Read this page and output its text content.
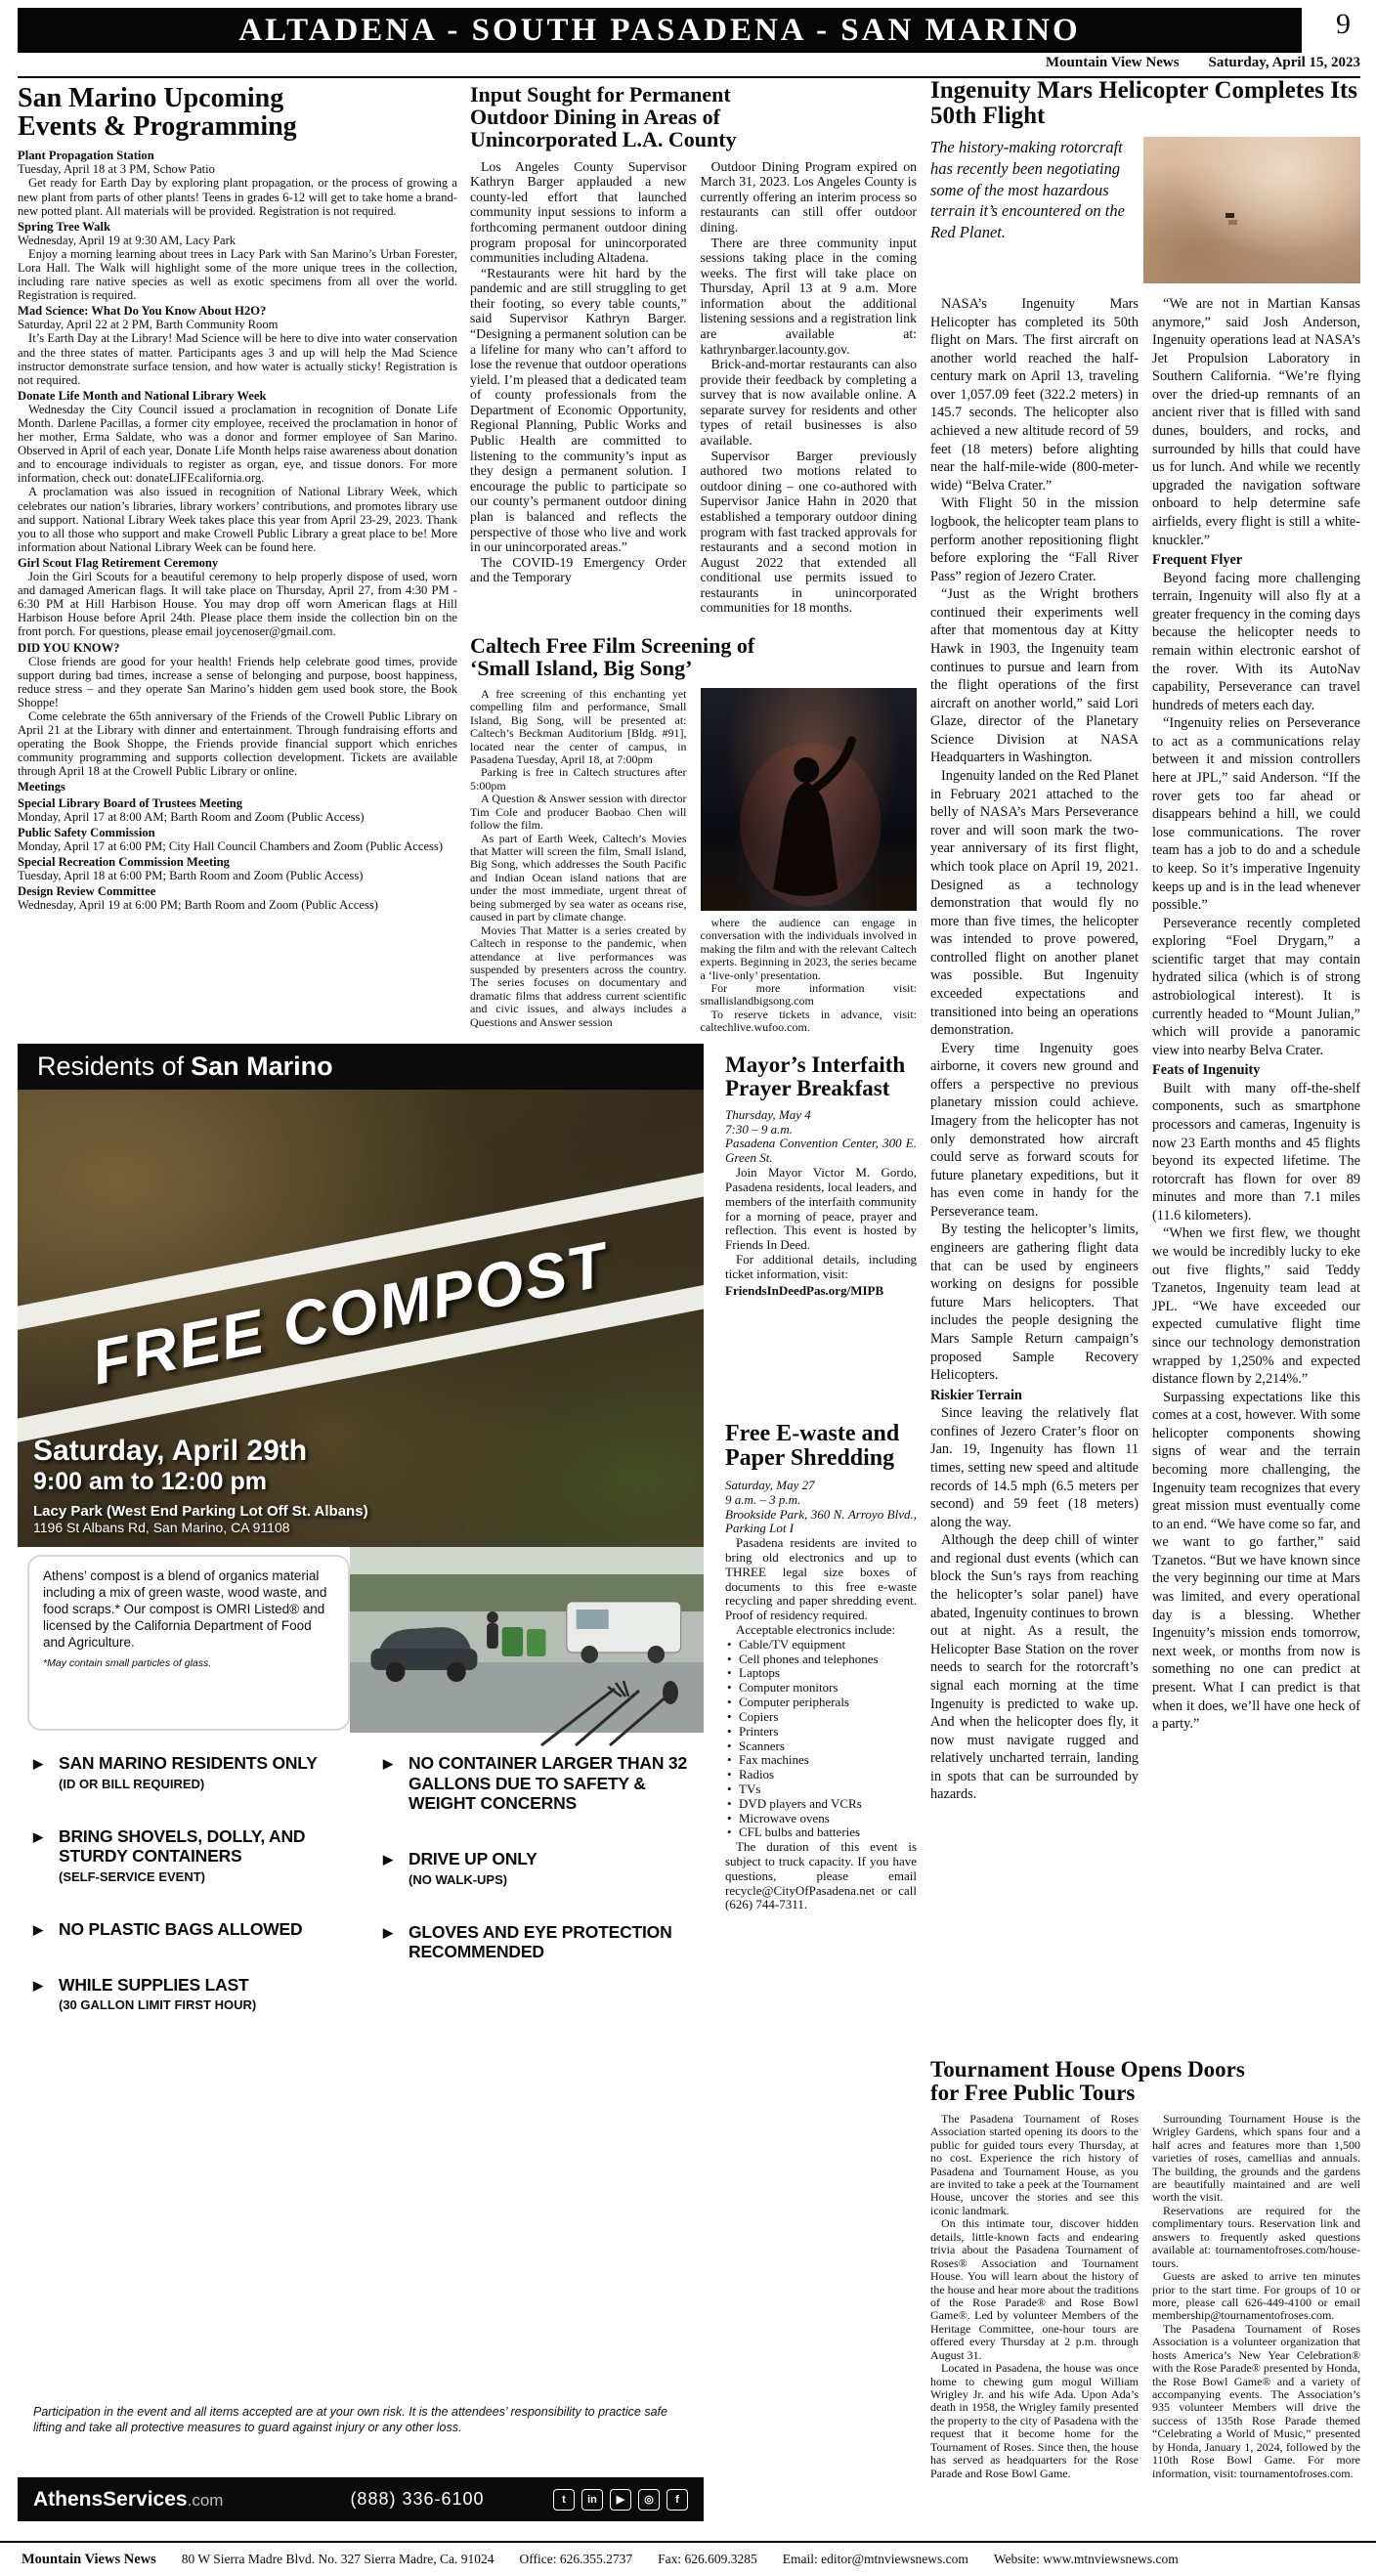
ALTADENA - SOUTH PASADENA - SAN MARINO	9
Mountain View News Saturday, April 15, 2023
San Marino Upcoming Events & Programming
Plant Propagation Station
Tuesday, April 18 at 3 PM, Schow Patio
Get ready for Earth Day by exploring plant propagation, or the process of growing a new plant from parts of other plants! Teens in grades 6-12 will get to take home a brand-new potted plant. All materials will be provided. Registration is not required.
Spring Tree Walk
Wednesday, April 19 at 9:30 AM, Lacy Park
Enjoy a morning learning about trees in Lacy Park with San Marino’s Urban Forester, Lora Hall. The Walk will highlight some of the more unique trees in the collection, including rare native species as well as exotic specimens from all over the world. Registration is required.
Mad Science: What Do You Know About H2O?
Saturday, April 22 at 2 PM, Barth Community Room
It’s Earth Day at the Library! Mad Science will be here to dive into water conservation and the three states of matter. Participants ages 3 and up will help the Mad Science instructor demonstrate surface tension, and how water is actually sticky! Registration is not required.
Donate Life Month and National Library Week
Wednesday the City Council issued a proclamation in recognition of Donate Life Month. Darlene Pacillas, a former city employee, received the proclamation in honor of her mother, Erma Saldate, who was a donor and former employee of San Marino. Observed in April of each year, Donate Life Month helps raise awareness about donation and to encourage individuals to register as organ, eye, and tissue donors. For more information, check out: donateLIFEcalifornia.org.
A proclamation was also issued in recognition of National Library Week, which celebrates our nation’s libraries, library workers’ contributions, and promotes library use and support. National Library Week takes place this year from April 23-29, 2023. Thank you to all those who support and make Crowell Public Library a great place to be! More information about National Library Week can be found here.
Girl Scout Flag Retirement Ceremony
Join the Girl Scouts for a beautiful ceremony to help properly dispose of used, worn and damaged American flags. It will take place on Thursday, April 27, from 4:30 PM - 6:30 PM at Hill Harbison House. You may drop off worn American flags at Hill Harbison House before April 24th. Please place them inside the collection bin on the front porch. For questions, please email joycenoser@gmail.com.
DID YOU KNOW?
Close friends are good for your health! Friends help celebrate good times, provide support during bad times, increase a sense of belonging and purpose, boost happiness, reduce stress – and they operate San Marino’s hidden gem used book store, the Book Shoppe!
Come celebrate the 65th anniversary of the Friends of the Crowell Public Library on April 21 at the Library with dinner and entertainment. Through fundraising efforts and operating the Book Shoppe, the Friends provide financial support which enriches community programming and supports collection development. Tickets are available through April 18 at the Crowell Public Library or online.
Meetings
Special Library Board of Trustees Meeting
Monday, April 17 at 8:00 AM; Barth Room and Zoom (Public Access)
Public Safety Commission
Monday, April 17 at 6:00 PM; City Hall Council Chambers and Zoom (Public Access)
Special Recreation Commission Meeting
Tuesday, April 18 at 6:00 PM; Barth Room and Zoom (Public Access)
Design Review Committee
Wednesday, April 19 at 6:00 PM; Barth Room and Zoom (Public Access)
Input Sought for Permanent Outdoor Dining in Areas of Unincorporated L.A. County
Los Angeles County Supervisor Kathryn Barger applauded a new county-led effort that launched community input sessions to inform a forthcoming permanent outdoor dining program proposal for unincorporated communities including Altadena.
“Restaurants were hit hard by the pandemic and are still struggling to get their footing, so every table counts,” said Supervisor Kathryn Barger. “Designing a permanent solution can be a lifeline for many who can’t afford to lose the revenue that outdoor operations yield. I’m pleased that a dedicated team of county professionals from the Department of Economic Opportunity, Regional Planning, Public Works and Public Health are committed to listening to the community’s input as they design a permanent solution. I encourage the public to participate so our county’s permanent outdoor dining plan is balanced and reflects the perspective of those who live and work in our unincorporated areas.”
The COVID-19 Emergency Order and the Temporary
Outdoor Dining Program expired on March 31, 2023. Los Angeles County is currently offering an interim process so restaurants can still offer outdoor dining.
There are three community input sessions taking place in the coming weeks. The first will take place on Thursday, April 13 at 9 a.m. More information about the additional listening sessions and a registration link are available at: kathrynbarger.lacounty.gov.
Brick-and-mortar restaurants can also provide their feedback by completing a survey that is now available online. A separate survey for residents and other types of retail businesses is also available.
Supervisor Barger previously authored two motions related to outdoor dining – one co-authored with Supervisor Janice Hahn in 2020 that established a temporary outdoor dining program with fast tracked approvals for restaurants and a second motion in August 2022 that extended all conditional use permits issued to restaurants in unincorporated communities for 18 months.
Caltech Free Film Screening of ‘Small Island, Big Song’
A free screening of this enchanting yet compelling film and performance, Small Island, Big Song, will be presented at: Caltech’s Beckman Auditorium [Bldg. #91], located near the center of campus, in Pasadena Tuesday, April 18, at 7:00pm
Parking is free in Caltech structures after 5:00pm
A Question & Answer session with director Tim Cole and producer Baobao Chen will follow the film.
As part of Earth Week, Caltech’s Movies that Matter will screen the film, Small Island, Big Song, which addresses the South Pacific and Indian Ocean island nations that are under the most immediate, urgent threat of being submerged by sea water as oceans rise, caused in part by climate change.
Movies That Matter is a series created by Caltech in response to the pandemic, when attendance at live performances was suspended by presenters across the country. The series focuses on documentary and dramatic films that address current scientific and civic issues, and always includes a Questions and Answer session
where the audience can engage in conversation with the individuals involved in making the film and with the relevant Caltech experts. Beginning in 2023, the series became a ‘live-only’ presentation.
For more information visit: smallislandbigsong.com
To reserve tickets in advance, visit: caltechlive.wufoo.com.
Mayor’s Interfaith Prayer Breakfast
Thursday, May 4
7:30 – 9 a.m.
Pasadena Convention Center, 300 E. Green St.
Join Mayor Victor M. Gordo, Pasadena residents, local leaders, and members of the interfaith community for a morning of peace, prayer and reflection. This event is hosted by Friends In Deed.
For additional details, including ticket information, visit:
FriendsInDeedPas.org/MIPB
Free E-waste and Paper Shredding
Saturday, May 27
9 a.m. – 3 p.m.
Brookside Park, 360 N. Arroyo Blvd., Parking Lot I
Pasadena residents are invited to bring old electronics and up to THREE legal size boxes of documents to this free e-waste recycling and paper shredding event. Proof of residency required.
Acceptable electronics include:
• Cable/TV equipment
• Cell phones and telephones
• Laptops
• Computer monitors
• Computer peripherals
• Copiers
• Printers
• Scanners
• Fax machines
• Radios
• TVs
• DVD players and VCRs
• Microwave ovens
• CFL bulbs and batteries
The duration of this event is subject to truck capacity. If you have questions, please email recycle@CityOfPasadena.net or call (626) 744-7311.
Ingenuity Mars Helicopter Completes Its 50th Flight
The history-making rotorcraft has recently been negotiating some of the most hazardous terrain it’s encountered on the Red Planet.
NASA’s Ingenuity Mars Helicopter has completed its 50th flight on Mars. The first aircraft on another world reached the half-century mark on April 13, traveling over 1,057.09 feet (322.2 meters) in 145.7 seconds. The helicopter also achieved a new altitude record of 59 feet (18 meters) before alighting near the half-mile-wide (800-meter-wide) “Belva Crater.”
With Flight 50 in the mission logbook, the helicopter team plans to perform another repositioning flight before exploring the “Fall River Pass” region of Jezero Crater.
“Just as the Wright brothers continued their experiments well after that momentous day at Kitty Hawk in 1903, the Ingenuity team continues to pursue and learn from the flight operations of the first aircraft on another world,” said Lori Glaze, director of the Planetary Science Division at NASA Headquarters in Washington.
Ingenuity landed on the Red Planet in February 2021 attached to the belly of NASA’s Mars Perseverance rover and will soon mark the two-year anniversary of its first flight, which took place on April 19, 2021. Designed as a technology demonstration that would fly no more than five times, the helicopter was intended to prove powered, controlled flight on another planet was possible. But Ingenuity exceeded expectations and transitioned into being an operations demonstration.
Every time Ingenuity goes airborne, it covers new ground and offers a perspective no previous planetary mission could achieve. Imagery from the helicopter has not only demonstrated how aircraft could serve as forward scouts for future planetary expeditions, but it has even come in handy for the Perseverance team.
By testing the helicopter’s limits, engineers are gathering flight data that can be used by engineers working on designs for possible future Mars helicopters. That includes the people designing the Mars Sample Return campaign’s proposed Sample Recovery Helicopters.
Riskier Terrain
Since leaving the relatively flat confines of Jezero Crater’s floor on Jan. 19, Ingenuity has flown 11 times, setting new speed and altitude records of 14.5 mph (6.5 meters per second) and 59 feet (18 meters) along the way.
Although the deep chill of winter and regional dust events (which can block the Sun’s rays from reaching the helicopter’s solar panel) have abated, Ingenuity continues to brown out at night. As a result, the Helicopter Base Station on the rover needs to search for the rotorcraft’s signal each morning at the time Ingenuity is predicted to wake up. And when the helicopter does fly, it now must navigate rugged and relatively uncharted terrain, landing in spots that can be surrounded by hazards.
“We are not in Martian Kansas anymore,” said Josh Anderson, Ingenuity operations lead at NASA’s Jet Propulsion Laboratory in Southern California. “We’re flying over the dried-up remnants of an ancient river that is filled with sand dunes, boulders, and rocks, and surrounded by hills that could have us for lunch. And while we recently upgraded the navigation software onboard to help determine safe airfields, every flight is still a white-knuckler.”
Frequent Flyer
Beyond facing more challenging terrain, Ingenuity will also fly at a greater frequency in the coming days because the helicopter needs to remain within electronic earshot of the rover. With its AutoNav capability, Perseverance can travel hundreds of meters each day.
“Ingenuity relies on Perseverance to act as a communications relay between it and mission controllers here at JPL,” said Anderson. “If the rover gets too far ahead or disappears behind a hill, we could lose communications. The rover team has a job to do and a schedule to keep. So it’s imperative Ingenuity keeps up and is in the lead whenever possible.”
Perseverance recently completed exploring “Foel Drygarn,” a scientific target that may contain hydrated silica (which is of strong astrobiological interest). It is currently headed to “Mount Julian,” which will provide a panoramic view into nearby Belva Crater.
Feats of Ingenuity
Built with many off-the-shelf components, such as smartphone processors and cameras, Ingenuity is now 23 Earth months and 45 flights beyond its expected lifetime. The rotorcraft has flown for over 89 minutes and more than 7.1 miles (11.6 kilometers).
“When we first flew, we thought we would be incredibly lucky to eke out five flights,” said Teddy Tzanetos, Ingenuity team lead at JPL. “We have exceeded our expected cumulative flight time since our technology demonstration wrapped by 1,250% and expected distance flown by 2,214%.”
Surpassing expectations like this comes at a cost, however. With some helicopter components showing signs of wear and the terrain becoming more challenging, the Ingenuity team recognizes that every great mission must eventually come to an end. “We have come so far, and we want to go farther,” said Tzanetos. “But we have known since the very beginning our time at Mars was limited, and every operational day is a blessing. Whether Ingenuity’s mission ends tomorrow, next week, or months from now is something no one can predict at present. What I can predict is that when it does, we’ll have one heck of a party.”
Tournament House Opens Doors for Free Public Tours
The Pasadena Tournament of Roses Association started opening its doors to the public for guided tours every Thursday, at no cost. Experience the rich history of Pasadena and Tournament House, as you are invited to take a peek at the Tournament House, uncover the stories and see this iconic landmark.
On this intimate tour, discover hidden details, little-known facts and endearing trivia about the Pasadena Tournament of Roses® Association and Tournament House. You will learn about the history of the house and hear more about the traditions of the Rose Parade® and Rose Bowl Game®. Led by volunteer Members of the Heritage Committee, one-hour tours are offered every Thursday at 2 p.m. through August 31.
Located in Pasadena, the house was once home to chewing gum mogul William Wrigley Jr. and his wife Ada. Upon Ada’s death in 1958, the Wrigley family presented the property to the city of Pasadena with the request that it become home for the Tournament of Roses. Since then, the house has served as headquarters for the Rose Parade and Rose Bowl Game.
Surrounding Tournament House is the Wrigley Gardens, which spans four and a half acres and features more than 1,500 varieties of roses, camellias and annuals. The building, the grounds and the gardens are beautifully maintained and are well worth the visit.
Reservations are required for the complimentary tours. Reservation link and answers to frequently asked questions available at: tournamentofroses.com/house-tours.
Guests are asked to arrive ten minutes prior to the start time. For groups of 10 or more, please call 626-449-4100 or email membership@tournamentofroses.com.
The Pasadena Tournament of Roses Association is a volunteer organization that hosts America’s New Year Celebration® with the Rose Parade® presented by Honda, the Rose Bowl Game® and a variety of accompanying events. The Association’s 935 volunteer Members will drive the success of 135th Rose Parade themed “Celebrating a World of Music,” presented by Honda, January 1, 2024, followed by the 110th Rose Bowl Game. For more information, visit: tournamentofroses.com.
Residents of San Marino
FREE COMPOST
Saturday, April 29th
9:00 am to 12:00 pm
Lacy Park (West End Parking Lot Off St. Albans)
1196 St Albans Rd, San Marino, CA 91108
Athens’ compost is a blend of organics material including a mix of green waste, wood waste, and food scraps.* Our compost is OMRI Listed® and licensed by the California Department of Food and Agriculture.
*May contain small particles of glass.
▶ SAN MARINO RESIDENTS ONLY
(ID OR BILL REQUIRED)
▶ BRING SHOVELS, DOLLY, AND STURDY CONTAINERS
(SELF-SERVICE EVENT)
▶ NO PLASTIC BAGS ALLOWED
▶ WHILE SUPPLIES LAST
(30 GALLON LIMIT FIRST HOUR)
▶ NO CONTAINER LARGER THAN 32 GALLONS DUE TO SAFETY & WEIGHT CONCERNS
▶ DRIVE UP ONLY
(NO WALK-UPS)
▶ GLOVES AND EYE PROTECTION RECOMMENDED
Participation in the event and all items accepted are at your own risk. It is the attendees’ responsibility to practice safe lifting and take all protective measures to guard against injury or any other loss.
AthensServices.com	(888) 336-6100	t	in	▶	◎	f
Mountain Views News 80 W Sierra Madre Blvd. No. 327 Sierra Madre, Ca. 91024 Office: 626.355.2737 Fax: 626.609.3285 Email: editor@mtnviewsnews.com Website: www.mtnviewsnews.com
